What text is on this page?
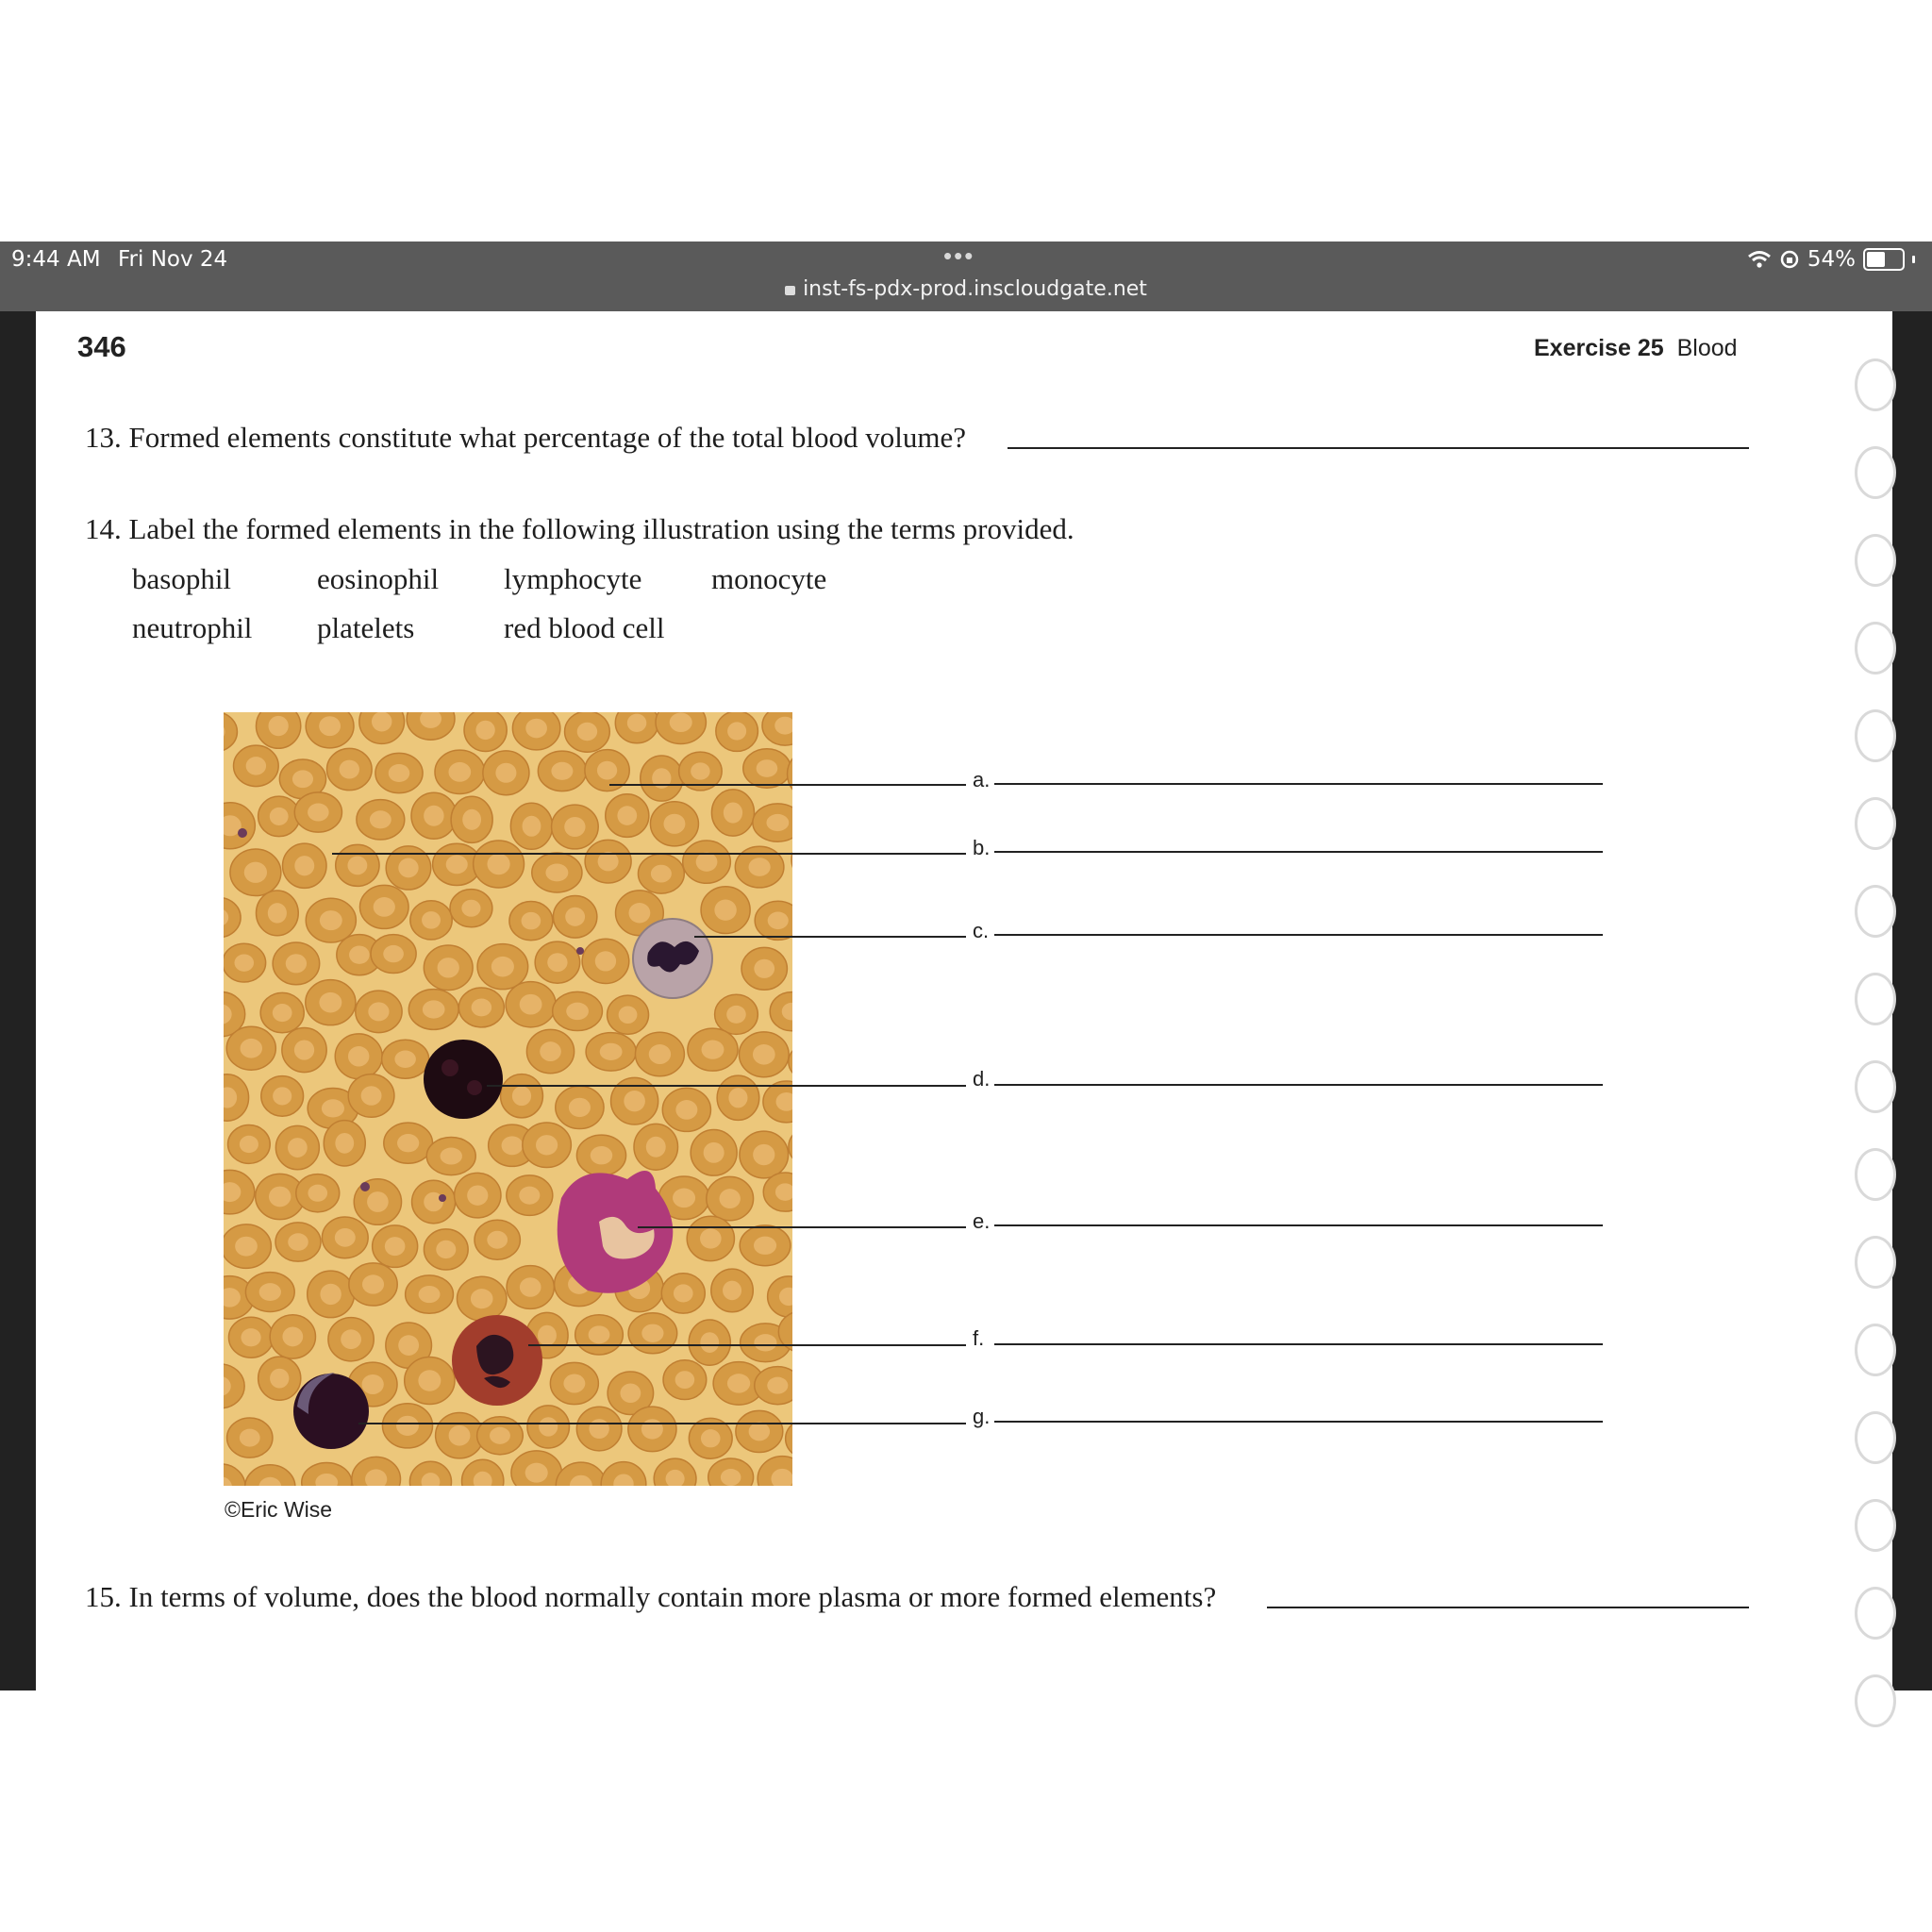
9:44 AM Fri Nov 24	•••
inst-fs-pdx-prod.inscloudgate.net
54%
346	Exercise 25 Blood
13. Formed elements constitute what percentage of the total blood volume?
14. Label the formed elements in the following illustration using the terms provided.
basophil	eosinophil lymphocyte monocyte
neutrophil platelets	red blood cell
©Eric Wise
a.
b.
c.
d.
e.
f.
g.
15. In terms of volume, does the blood normally contain more plasma or more formed elements?
